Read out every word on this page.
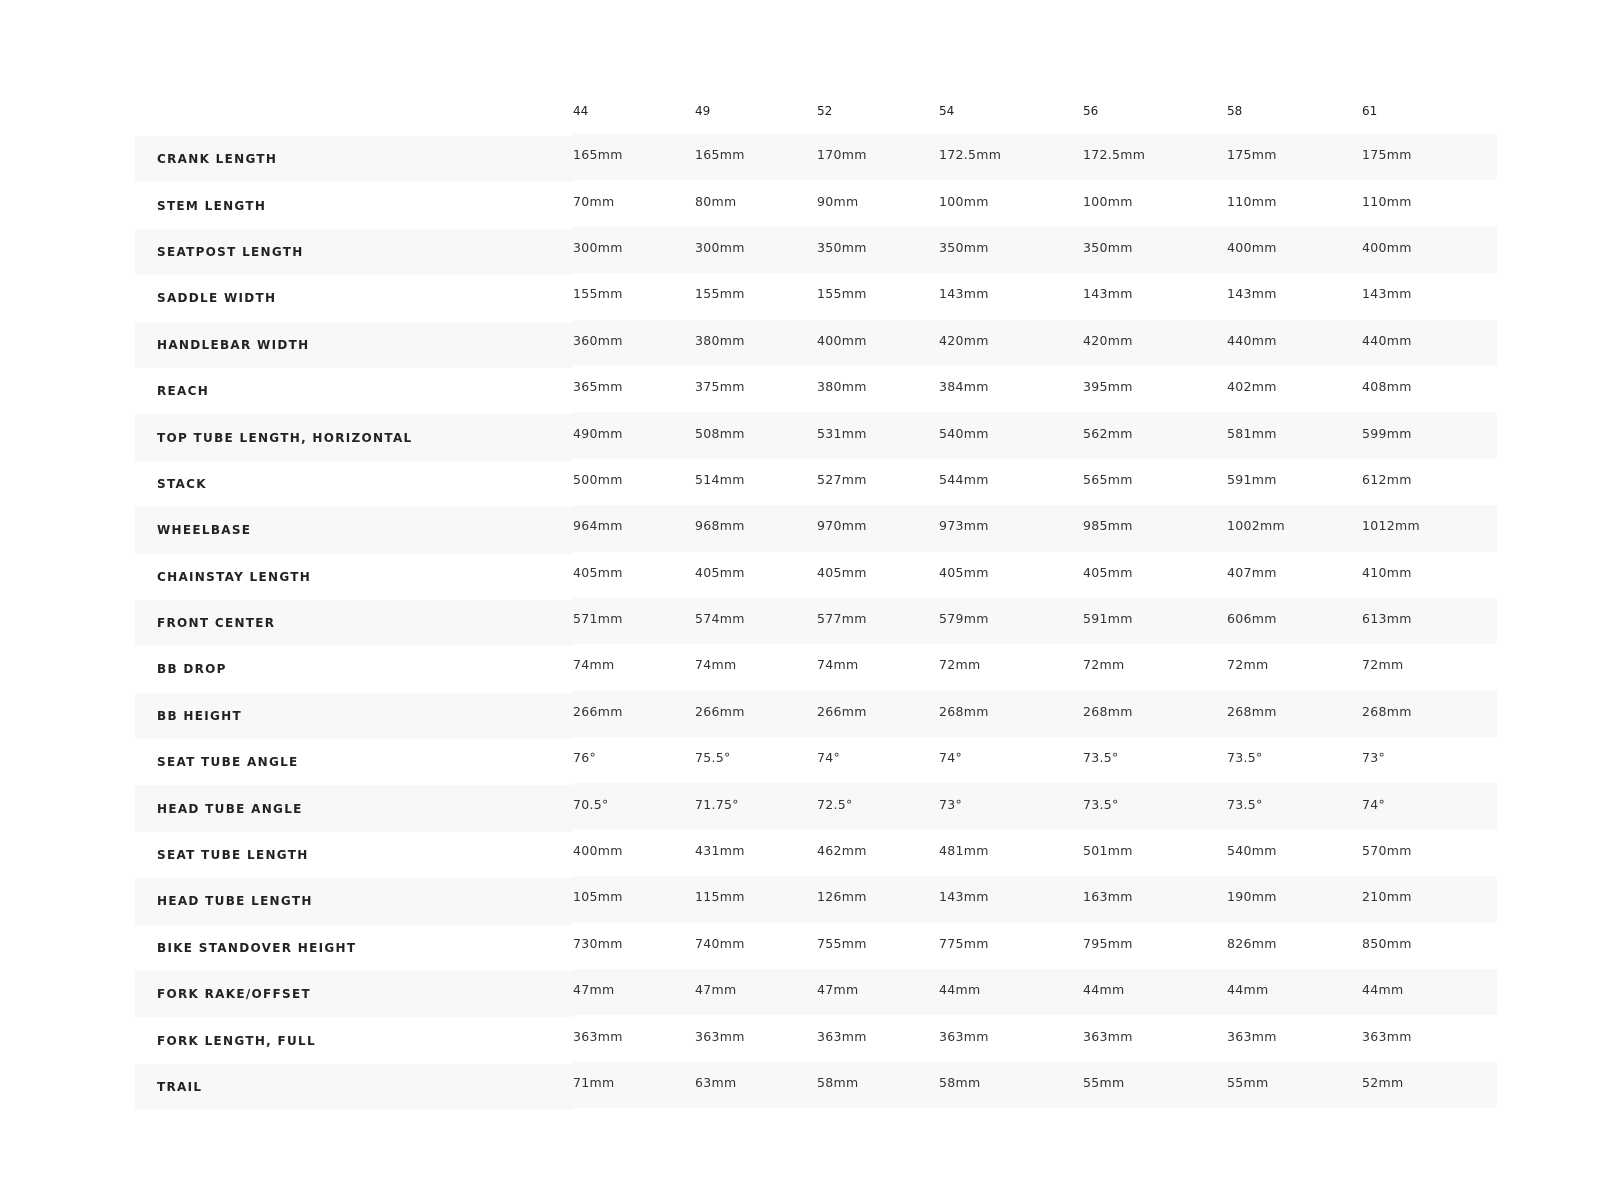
	44	49	52	54	56	58	61
CRANK LENGTH	165mm	165mm	170mm	172.5mm	172.5mm	175mm	175mm
STEM LENGTH	70mm	80mm	90mm	100mm	100mm	110mm	110mm
SEATPOST LENGTH	300mm	300mm	350mm	350mm	350mm	400mm	400mm
SADDLE WIDTH	155mm	155mm	155mm	143mm	143mm	143mm	143mm
HANDLEBAR WIDTH	360mm	380mm	400mm	420mm	420mm	440mm	440mm
REACH	365mm	375mm	380mm	384mm	395mm	402mm	408mm
TOP TUBE LENGTH, HORIZONTAL	490mm	508mm	531mm	540mm	562mm	581mm	599mm
STACK	500mm	514mm	527mm	544mm	565mm	591mm	612mm
WHEELBASE	964mm	968mm	970mm	973mm	985mm	1002mm	1012mm
CHAINSTAY LENGTH	405mm	405mm	405mm	405mm	405mm	407mm	410mm
FRONT CENTER	571mm	574mm	577mm	579mm	591mm	606mm	613mm
BB DROP	74mm	74mm	74mm	72mm	72mm	72mm	72mm
BB HEIGHT	266mm	266mm	266mm	268mm	268mm	268mm	268mm
SEAT TUBE ANGLE	76°	75.5°	74°	74°	73.5°	73.5°	73°
HEAD TUBE ANGLE	70.5°	71.75°	72.5°	73°	73.5°	73.5°	74°
SEAT TUBE LENGTH	400mm	431mm	462mm	481mm	501mm	540mm	570mm
HEAD TUBE LENGTH	105mm	115mm	126mm	143mm	163mm	190mm	210mm
BIKE STANDOVER HEIGHT	730mm	740mm	755mm	775mm	795mm	826mm	850mm
FORK RAKE/OFFSET	47mm	47mm	47mm	44mm	44mm	44mm	44mm
FORK LENGTH, FULL	363mm	363mm	363mm	363mm	363mm	363mm	363mm
TRAIL	71mm	63mm	58mm	58mm	55mm	55mm	52mm
